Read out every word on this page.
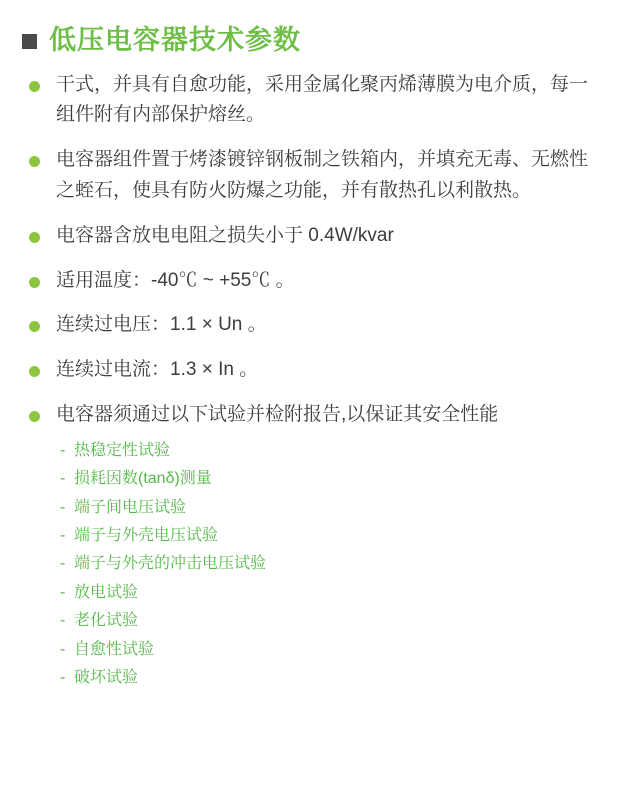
低压电容器技术参数
干式，并具有自愈功能，采用金属化聚丙烯薄膜为电介质，每一组件附有内部保护熔丝。
电容器组件置于烤漆镀锌钢板制之铁箱内，并填充无毒、无燃性之蛭石，使具有防火防爆之功能，并有散热孔以利散热。
电容器含放电电阻之损失小于 0.4W/kvar
适用温度：-40℃ ~ +55℃ 。
连续过电压：1.1 × Un 。
连续过电流：1.3 × In 。
电容器须通过以下试验并检附报告,以保证其安全性能
- 热稳定性试验
- 损耗因数(tanδ)测量
- 端子间电压试验
- 端子与外壳电压试验
- 端子与外壳的冲击电压试验
- 放电试验
- 老化试验
- 自愈性试验
- 破坏试验
